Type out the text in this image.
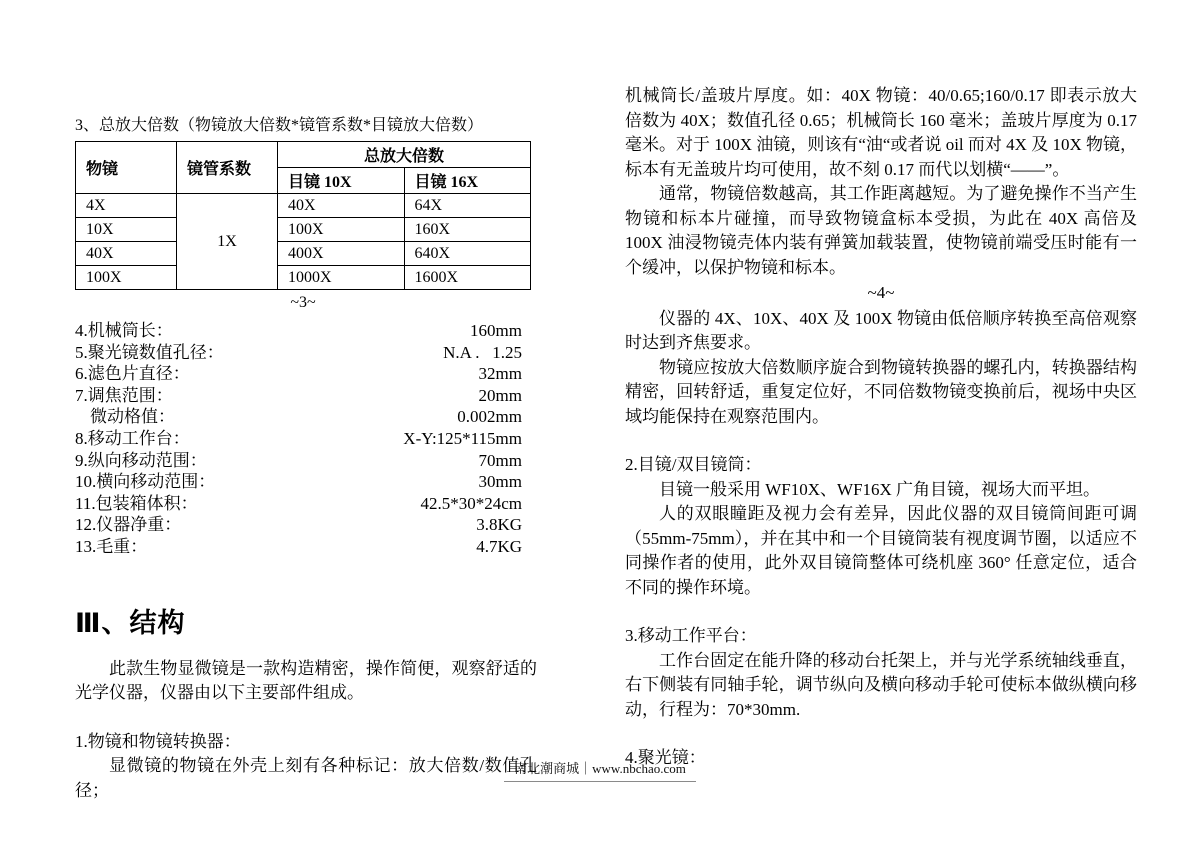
3、总放大倍数（物镜放大倍数*镜管系数*目镜放大倍数）
物镜	镜管系数	总放大倍数	
		目镜 10X	目镜 16X
4X	1X	40X	64X
10X		100X	160X
40X		400X	640X
100X		1000X	1600X
~3~
4.机械筒长：	160mm
5.聚光镜数值孔径：	N.A .   1.25
6.滤色片直径：	32mm
7.调焦范围：	20mm
微动格值：	0.002mm
8.移动工作台：	X-Y:125*115mm
9.纵向移动范围：	70mm
10.横向移动范围：	30mm
11.包装箱体积：	42.5*30*24cm
12.仪器净重：	3.8KG
13.毛重：	4.7KG
Ⅲ、结构

此款生物显微镜是一款构造精密，操作简便，观察舒适的光学仪器，仪器由以下主要部件组成。

1.物镜和物镜转换器：

显微镜的物镜在外壳上刻有各种标记：放大倍数/数值孔径；

机械筒长/盖玻片厚度。如：40X 物镜：40/0.65;160/0.17 即表示放大倍数为 40X；数值孔径 0.65；机械筒长 160 毫米；盖玻片厚度为 0.17 毫米。对于 100X 油镜，则该有“油“或者说 oil 而对 4X 及 10X 物镜，标本有无盖玻片均可使用，故不刻 0.17 而代以划横“——”。

通常，物镜倍数越高，其工作距离越短。为了避免操作不当产生物镜和标本片碰撞，而导致物镜盒标本受损，为此在 40X 高倍及 100X 油浸物镜壳体内装有弹簧加载装置，使物镜前端受压时能有一个缓冲，以保护物镜和标本。

~4~

仪器的 4X、10X、40X 及 100X 物镜由低倍顺序转换至高倍观察时达到齐焦要求。

物镜应按放大倍数顺序旋合到物镜转换器的螺孔内，转换器结构精密，回转舒适，重复定位好，不同倍数物镜变换前后，视场中央区域均能保持在观察范围内。

2.目镜/双目镜筒：

目镜一般采用 WF10X、WF16X 广角目镜，视场大而平坦。

人的双眼瞳距及视力会有差异，因此仪器的双目镜筒间距可调（55mm-75mm），并在其中和一个目镜筒装有视度调节圈，以适应不同操作者的使用，此外双目镜筒整体可绕机座 360° 任意定位，适合不同的操作环境。

3.移动工作平台：

工作台固定在能升降的移动台托架上，并与光学系统轴线垂直，右下侧装有同轴手轮，调节纵向及横向移动手轮可使标本做纵横向移动，行程为：70*30mm.

4.聚光镜：

南北潮商城｜www.nbchao.com
